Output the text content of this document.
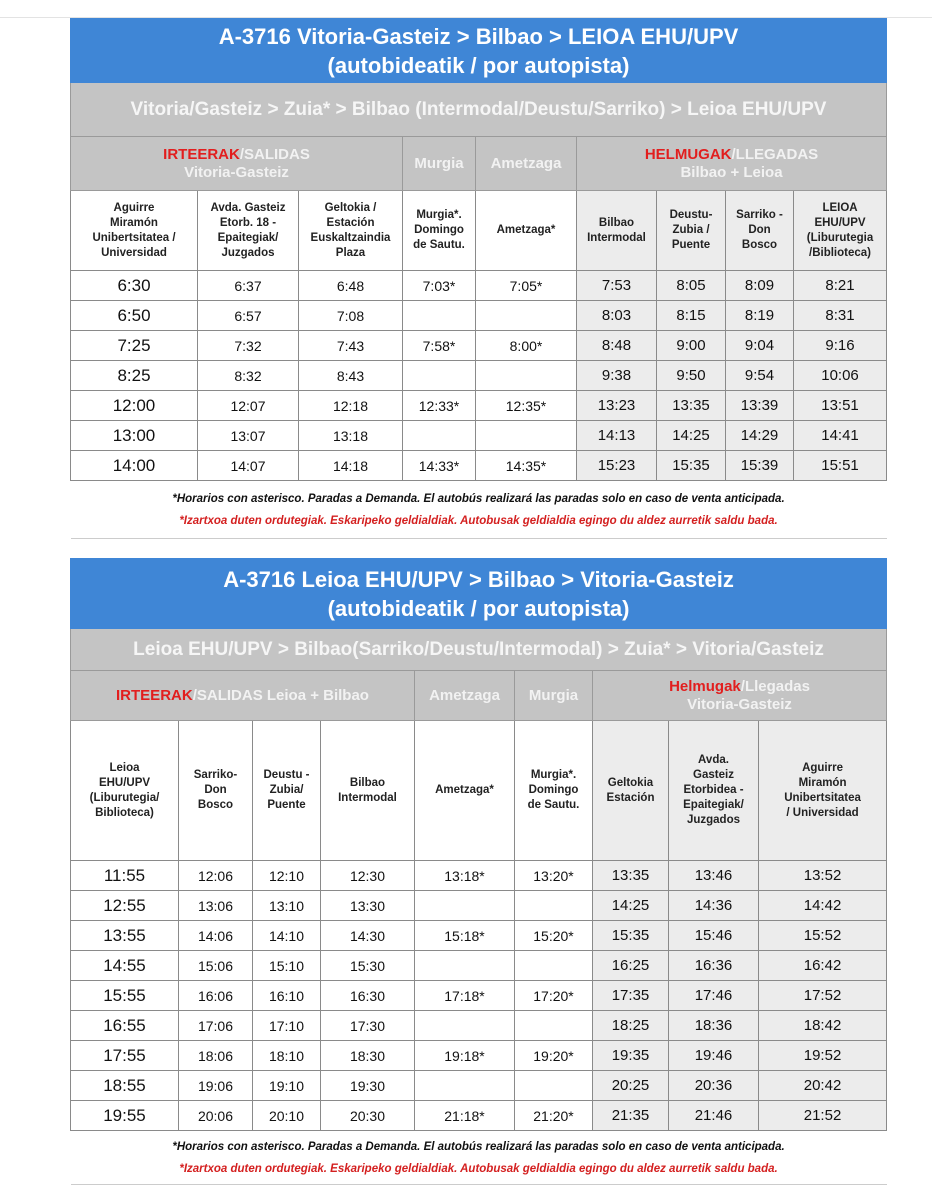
A-3716 Vitoria-Gasteiz > Bilbao > LEIOA EHU/UPV
(autobideatik / por autopista)								

Vitoria/Gasteiz > Zuia* > Bilbao (Intermodal/Deustu/Sarriko) > Leioa EHU/UPV								
IRTEERAK/SALIDAS
Vitoria-Gasteiz			Murgia	Ametzaga	HELMUGAK/LLEGADAS
Bilbao + Leioa			

Aguirre
Miramón
Unibertsitatea /
Universidad	Avda. Gasteiz
Etorb. 18 -
Epaitegiak/
Juzgados	Geltokia /
Estación
Euskaltzaindia
Plaza	Murgia*.
Domingo
de Sautu.	Ametzaga*	Bilbao
Intermodal	Deustu-
Zubia /
Puente	Sarriko -
Don
Bosco	LEIOA
EHU/UPV
(Liburutegia
/Biblioteca)

6:30	6:37	6:48	7:03*	7:05*	7:53	8:05	8:09	8:21
6:50	6:57	7:08			8:03	8:15	8:19	8:31
7:25	7:32	7:43	7:58*	8:00*	8:48	9:00	9:04	9:16
8:25	8:32	8:43			9:38	9:50	9:54	10:06
12:00	12:07	12:18	12:33*	12:35*	13:23	13:35	13:39	13:51
13:00	13:07	13:18			14:13	14:25	14:29	14:41
14:00	14:07	14:18	14:33*	14:35*	15:23	15:35	15:39	15:51

*Horarios con asterisco. Paradas a Demanda. El autobús realizará las paradas solo en caso de venta anticipada.
*Izartxoa duten ordutegiak. Eskaripeko geldialdiak. Autobusak geldialdia egingo du aldez aurretik saldu bada.								
A-3716 Leioa EHU/UPV > Bilbao > Vitoria-Gasteiz
(autobideatik / por autopista)								

Leioa EHU/UPV > Bilbao(Sarriko/Deustu/Intermodal) > Zuia* > Vitoria/Gasteiz								
IRTEERAK/SALIDAS Leioa + Bilbao				Ametzaga	Murgia	Helmugak/Llegadas
Vitoria-Gasteiz		

Leioa
EHU/UPV
(Liburutegia/
Biblioteca)	Sarriko-
Don
Bosco	Deustu -
Zubia/
Puente	Bilbao
Intermodal	Ametzaga*	Murgia*.
Domingo
de Sautu.	Geltokia
Estación	Avda.
Gasteiz
Etorbidea -
Epaitegiak/
Juzgados	Aguirre
Miramón
Unibertsitatea
/ Universidad

11:55	12:06	12:10	12:30	13:18*	13:20*	13:35	13:46	13:52
12:55	13:06	13:10	13:30			14:25	14:36	14:42
13:55	14:06	14:10	14:30	15:18*	15:20*	15:35	15:46	15:52
14:55	15:06	15:10	15:30			16:25	16:36	16:42
15:55	16:06	16:10	16:30	17:18*	17:20*	17:35	17:46	17:52
16:55	17:06	17:10	17:30			18:25	18:36	18:42
17:55	18:06	18:10	18:30	19:18*	19:20*	19:35	19:46	19:52
18:55	19:06	19:10	19:30			20:25	20:36	20:42
19:55	20:06	20:10	20:30	21:18*	21:20*	21:35	21:46	21:52

*Horarios con asterisco. Paradas a Demanda. El autobús realizará las paradas solo en caso de venta anticipada.
*Izartxoa duten ordutegiak. Eskaripeko geldialdiak. Autobusak geldialdia egingo du aldez aurretik saldu bada.								
